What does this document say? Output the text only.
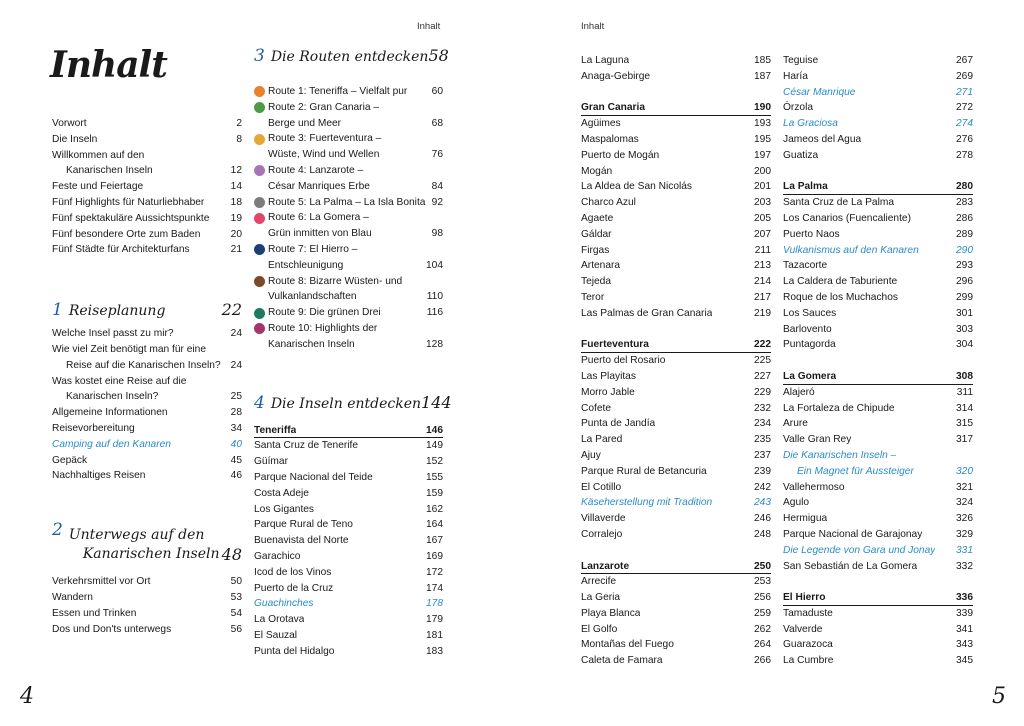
Inhalt
Inhalt
Vorwort	2
Die Inseln	8
Willkommen auf den
Kanarischen Inseln	12
Feste und Feiertage	14
Fünf Highlights für Naturliebhaber	18
Fünf spektakuläre Aussichtspunkte	19
Fünf besondere Orte zum Baden	20
Fünf Städte für Architekturfans	21
1 Reiseplanung	22
Welche Insel passt zu mir?	24
Wie viel Zeit benötigt man für eine
Reise auf die Kanarischen Inseln? 24
Was kostet eine Reise auf die
Kanarischen Inseln?	25
Allgemeine Informationen	28
Reisevorbereitung	34
Camping auf den Kanaren	40
Gepäck	45
Nachhaltiges Reisen	46
2 Unterwegs auf den
Kanarischen Inseln 48
Verkehrsmittel vor Ort	50
Wandern	53
Essen und Trinken	54
Dos und Don'ts unterwegs	56
3 Die Routen entdecken 58
Route 1: Teneriffa – Vielfalt pur	60
Route 2: Gran Canaria –
Berge und Meer	68
Route 3: Fuerteventura –
Wüste, Wind und Wellen	76
Route 4: Lanzarote –
César Manriques Erbe	84
Route 5: La Palma – La Isla Bonita 92
Route 6: La Gomera –
Grün inmitten von Blau	98
Route 7: El Hierro –
Entschleunigung	104
Route 8: Bizarre Wüsten- und
Vulkanlandschaften	110
Route 9: Die grünen Drei	116
Route 10: Highlights der
Kanarischen Inseln	128
4 Die Inseln entdecken 144
Teneriffa	146
Santa Cruz de Tenerife	149
Güímar	152
Parque Nacional del Teide	155
Costa Adeje	159
Los Gigantes	162
Parque Rural de Teno	164
Buenavista del Norte	167
Garachico	169
Icod de los Vinos	172
Puerto de la Cruz	174
Guachinches	178
La Orotava	179
El Sauzal	181
Punta del Hidalgo	183
4
Inhalt
La Laguna	185
Anaga-Gebirge	187
Gran Canaria	190
Agüimes	193
Maspalomas	195
Puerto de Mogán	197
Mogán	200
La Aldea de San Nicolás	201
Charco Azul	203
Agaete	205
Gáldar	207
Firgas	211
Artenara	213
Tejeda	214
Teror	217
Las Palmas de Gran Canaria	219
Fuerteventura	222
Puerto del Rosario	225
Las Playitas	227
Morro Jable	229
Cofete	232
Punta de Jandía	234
La Pared	235
Ajuy	237
Parque Rural de Betancuria	239
El Cotillo	242
Käseherstellung mit Tradition	243
Villaverde	246
Corralejo	248
Lanzarote	250
Arrecife	253
La Geria	256
Playa Blanca	259
El Golfo	262
Montañas del Fuego	264
Caleta de Famara	266
Teguise	267
Haría	269
César Manrique	271
Órzola	272
La Graciosa	274
Jameos del Agua	276
Guatiza	278
La Palma	280
Santa Cruz de La Palma	283
Los Canarios (Fuencaliente)	286
Puerto Naos	289
Vulkanismus auf den Kanaren	290
Tazacorte	293
La Caldera de Taburiente	296
Roque de los Muchachos	299
Los Sauces	301
Barlovento	303
Puntagorda	304
La Gomera	308
Alajeró	311
La Fortaleza de Chipude	314
Arure	315
Valle Gran Rey	317
Die Kanarischen Inseln –
Ein Magnet für Aussteiger	320
Vallehermoso	321
Agulo	324
Hermigua	326
Parque Nacional de Garajonay	329
Die Legende von Gara und Jonay	331
San Sebastián de La Gomera	332
El Hierro	336
Tamaduste	339
Valverde	341
Guarazoca	343
La Cumbre	345
5
